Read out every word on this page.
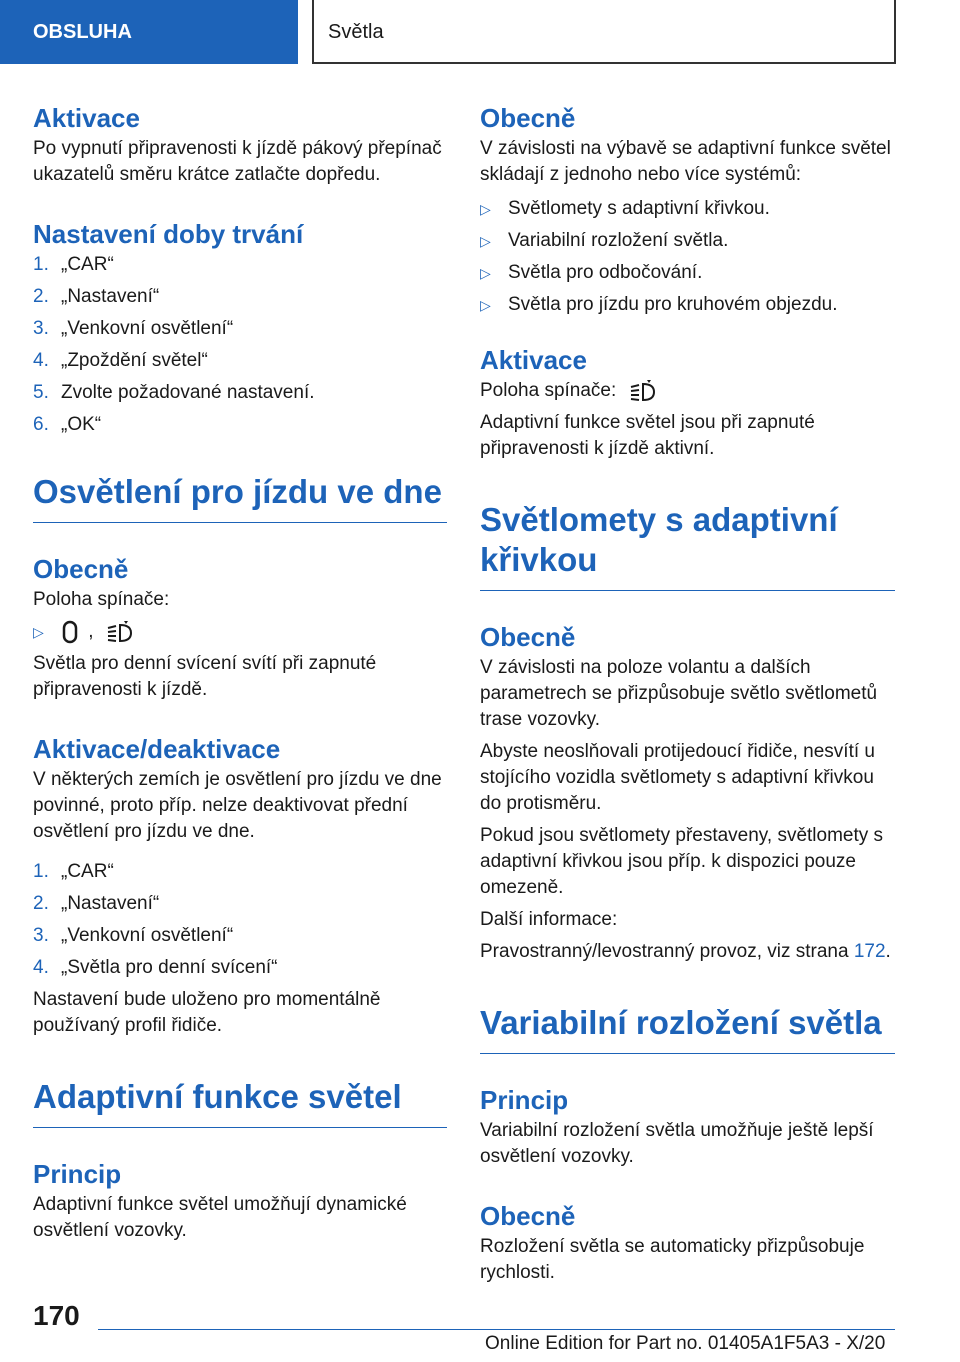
OBSLUHA	Světla
Aktivace

Po vypnutí připravenosti k jízdě pákový přepínač ukazatelů směru krátce zatlačte dopředu.

Nastavení doby trvání
1. „CAR“
2. „Nastavení“
3. „Venkovní osvětlení“
4. „Zpoždění světel“
5. Zvolte požadované nastavení.
6. „OK“
Osvětlení pro jízdu ve dne
Obecně

Poloha spínače:

▷	,

Světla pro denní svícení svítí při zapnuté připravenosti k jízdě.

Aktivace/deaktivace

V některých zemích je osvětlení pro jízdu ve dne povinné, proto příp. nelze deaktivovat přední osvětlení pro jízdu ve dne.

1. „CAR“
2. „Nastavení“
3. „Venkovní osvětlení“
4. „Světla pro denní svícení“

Nastavení bude uloženo pro momentálně používaný profil řidiče.

Adaptivní funkce světel
Princip

Adaptivní funkce světel umožňují dynamické osvětlení vozovky.

Obecně

V závislosti na výbavě se adaptivní funkce světel skládají z jednoho nebo více systémů:

▷ Světlomety s adaptivní křivkou.
▷ Variabilní rozložení světla.
▷ Světla pro odbočování.
▷ Světla pro jízdu pro kruhovém objezdu.
Aktivace

Poloha spínače:

Adaptivní funkce světel jsou při zapnuté připravenosti k jízdě aktivní.

Světlomety s adaptivní křivkou
Obecně

V závislosti na poloze volantu a dalších parametrech se přizpůsobuje světlo světlometů trase vozovky.

Abyste neoslňovali protijedoucí řidiče, nesvítí u stojícího vozidla světlomety s adaptivní křivkou do protisměru.

Pokud jsou světlomety přestaveny, světlomety s adaptivní křivkou jsou příp. k dispozici pouze omezeně.

Další informace:

Pravostranný/levostranný provoz, viz strana 172.

Variabilní rozložení světla
Princip

Variabilní rozložení světla umožňuje ještě lepší osvětlení vozovky.

Obecně

Rozložení světla se automaticky přizpůsobuje rychlosti.

170
Online Edition for Part no. 01405A1F5A3 - X/20
